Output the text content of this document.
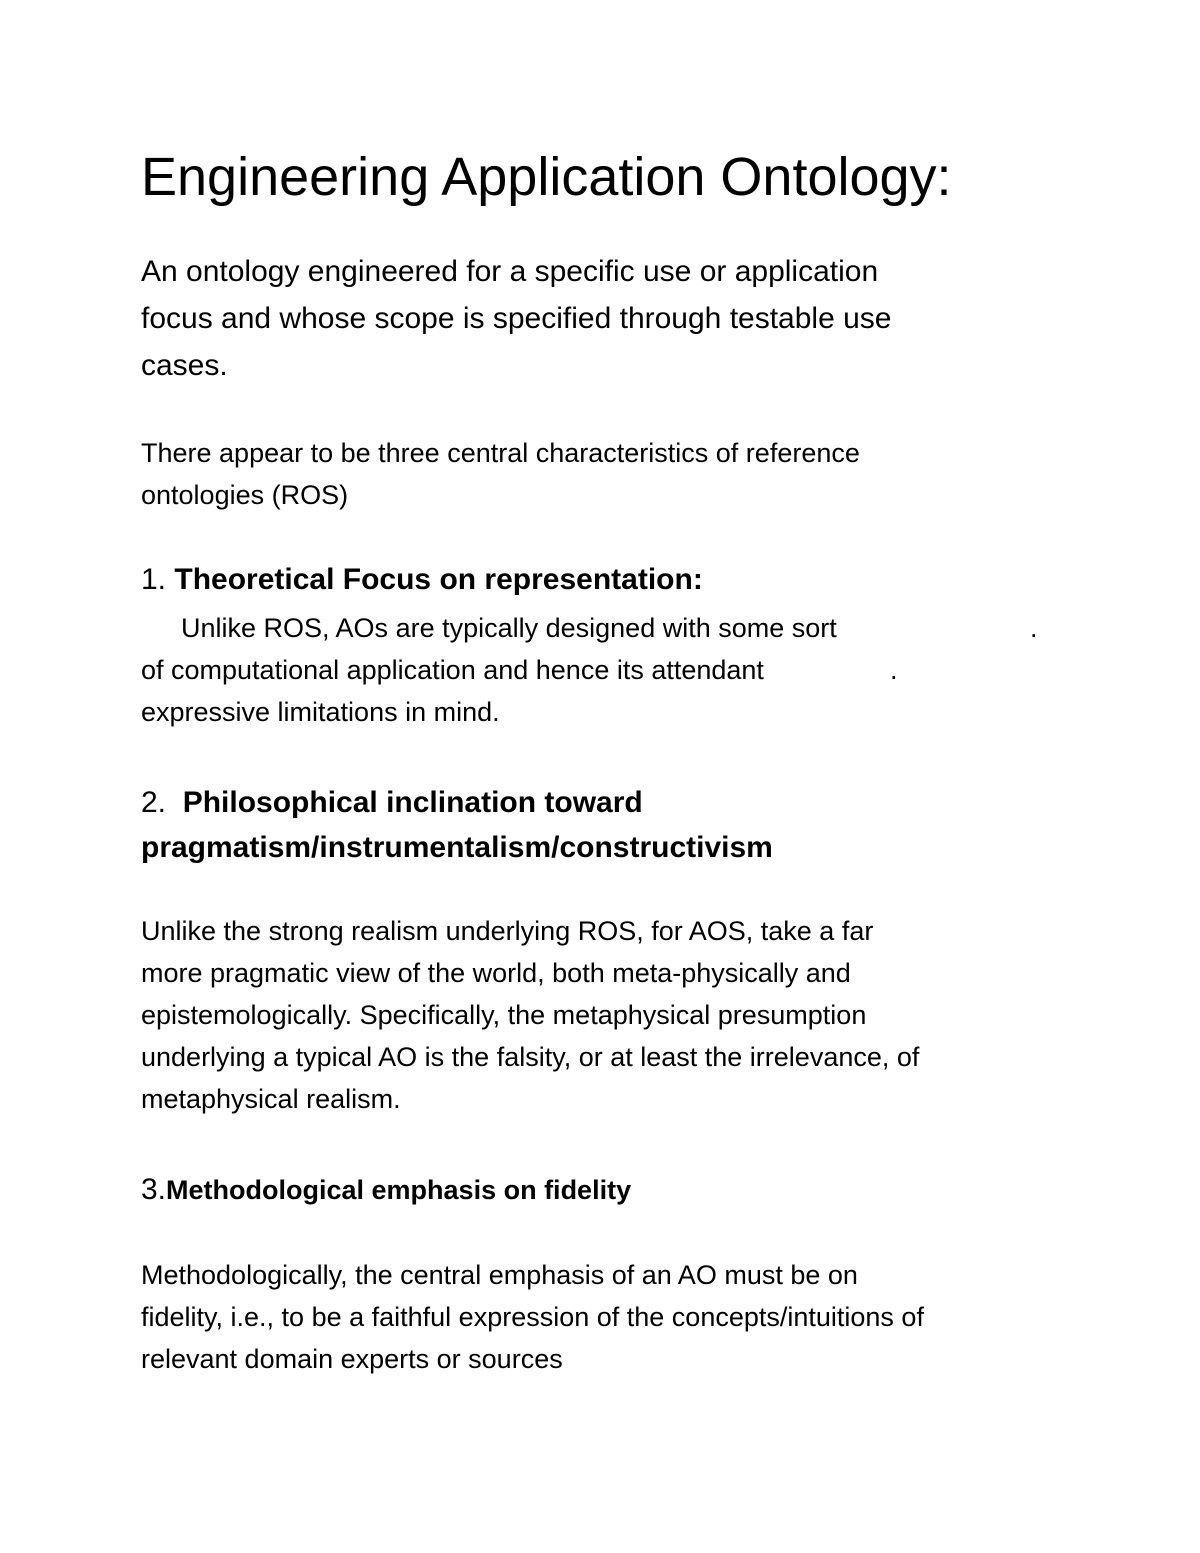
Engineering Application Ontology:

An ontology engineered for a specific use or application
focus and whose scope is specified through testable use
cases.

There appear to be three central characteristics of reference
ontologies (ROS)

1. Theoretical Focus on representation:

Unlike ROS, AOs are typically designed with some sort
of computational application and hence its attendant
expressive limitations in mind.

.
.
2. Philosophical inclination toward
pragmatism/instrumentalism/constructivism

Unlike the strong realism underlying ROS, for AOS, take a far
more pragmatic view of the world, both meta-physically and
epistemologically. Specifically, the metaphysical presumption
underlying a typical AO is the falsity, or at least the irrelevance, of
metaphysical realism.

3.Methodological emphasis on fidelity

Methodologically, the central emphasis of an AO must be on
fidelity, i.e., to be a faithful expression of the concepts/intuitions of
relevant domain experts or sources
